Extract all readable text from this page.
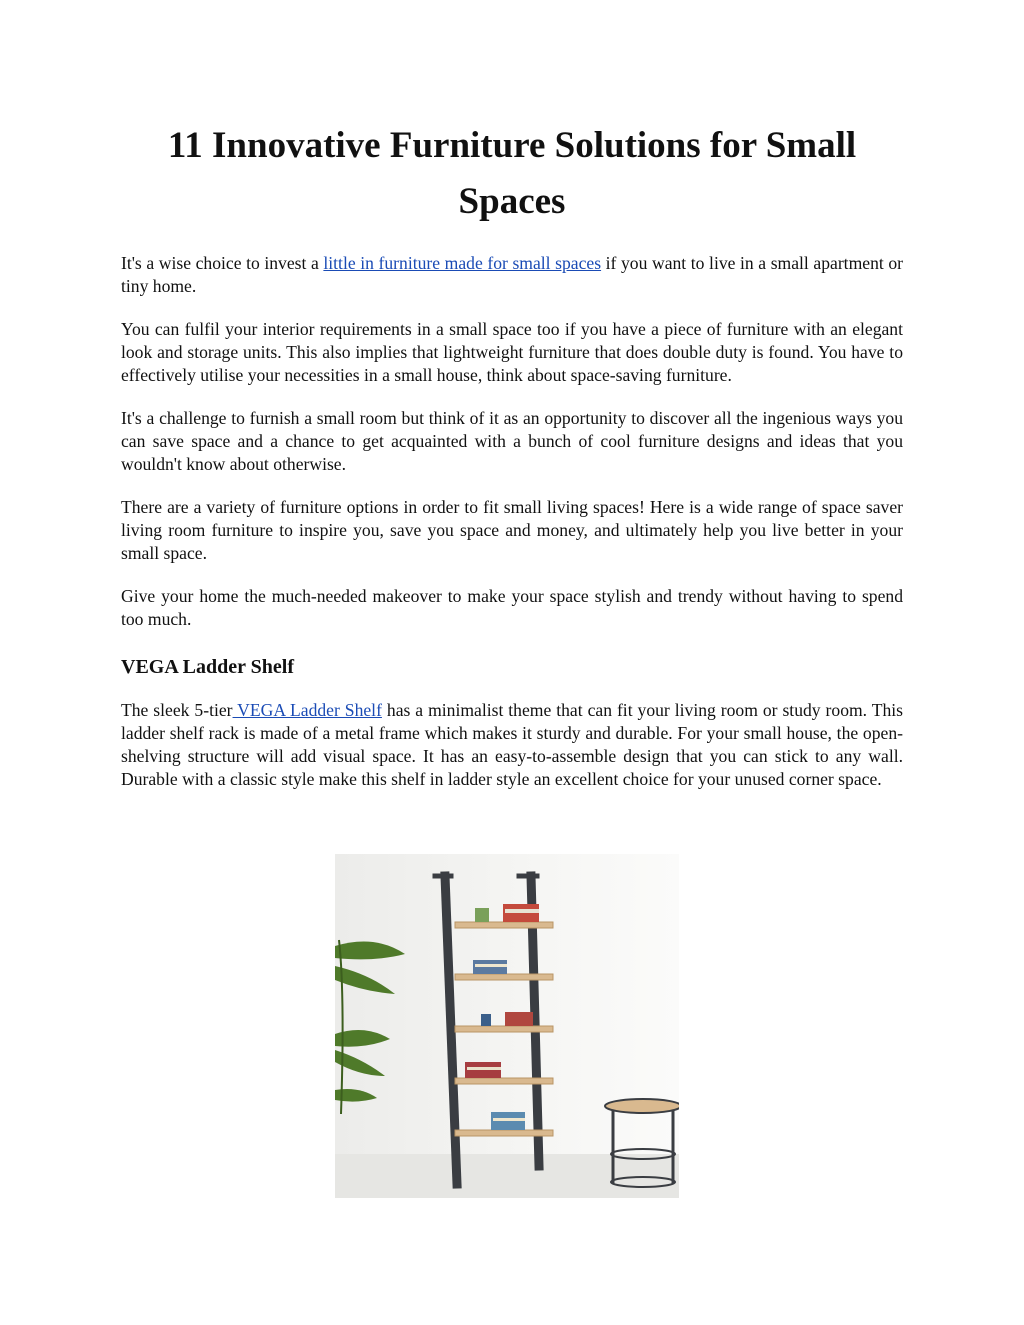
11 Innovative Furniture Solutions for Small Spaces

It's a wise choice to invest a little in furniture made for small spaces if you want to live in a small apartment or tiny home.

You can fulfil your interior requirements in a small space too if you have a piece of furniture with an elegant look and storage units. This also implies that lightweight furniture that does double duty is found. You have to effectively utilise your necessities in a small house, think about space-saving furniture.

It's a challenge to furnish a small room but think of it as an opportunity to discover all the ingenious ways you can save space and a chance to get acquainted with a bunch of cool furniture designs and ideas that you wouldn't know about otherwise.

There are a variety of furniture options in order to fit small living spaces! Here is a wide range of space saver living room furniture to inspire you, save you space and money, and ultimately help you live better in your small space.

Give your home the much-needed makeover to make your space stylish and trendy without having to spend too much.

VEGA Ladder Shelf

The sleek 5-tier VEGA Ladder Shelf has a minimalist theme that can fit your living room or study room. This ladder shelf rack is made of a metal frame which makes it sturdy and durable. For your small house, the open-shelving structure will add visual space. It has an easy-to-assemble design that you can stick to any wall. Durable with a classic style make this shelf in ladder style an excellent choice for your unused corner space.
